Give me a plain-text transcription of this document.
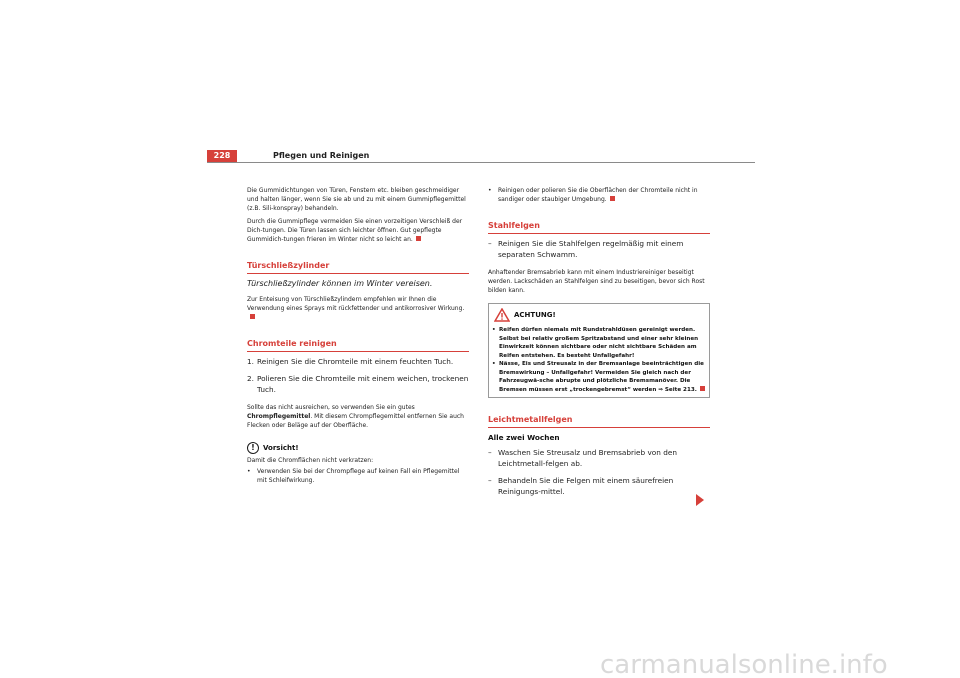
228	Pflegen und Reinigen

Die Gummidichtungen von Türen, Fenstern etc. bleiben geschmeidiger und halten länger, wenn Sie sie ab und zu mit einem Gummipflegemittel (z.B. Sili-konspray) behandeln.

Durch die Gummipflege vermeiden Sie einen vorzeitigen Verschleiß der Dich-tungen. Die Türen lassen sich leichter öffnen. Gut gepflegte Gummidich-tungen frieren im Winter nicht so leicht an.

Türschließzylinder
Türschließzylinder können im Winter vereisen.

Zur Enteisung von Türschließzylindern empfehlen wir Ihnen die Verwendung eines Sprays mit rückfettender und antikorrosiver Wirkung.

Chromteile reinigen
1. Reinigen Sie die Chromteile mit einem feuchten Tuch.
2. Polieren Sie die Chromteile mit einem weichen, trockenen Tuch.

Sollte das nicht ausreichen, so verwenden Sie ein gutes Chrompflegemittel. Mit diesem Chrompflegemittel entfernen Sie auch Flecken oder Beläge auf der Oberfläche.

!	Vorsicht!

Damit die Chromflächen nicht verkratzen:

•	Verwenden Sie bei der Chrompflege auf keinen Fall ein Pflegemittel mit Schleifwirkung.
•	Reinigen oder polieren Sie die Oberflächen der Chromteile nicht in sandiger oder staubiger Umgebung.
Stahlfelgen
– Reinigen Sie die Stahlfelgen regelmäßig mit einem separaten Schwamm.

Anhaftender Bremsabrieb kann mit einem Industriereiniger beseitigt werden. Lackschäden an Stahlfelgen sind zu beseitigen, bevor sich Rost bilden kann.

ACHTUNG!
• Reifen dürfen niemals mit Rundstrahldüsen gereinigt werden. Selbst bei relativ großem Spritzabstand und einer sehr kleinen Einwirkzeit können sichtbare oder nicht sichtbare Schäden am Reifen entstehen. Es besteht Unfallgefahr!
• Nässe, Eis und Streusalz in der Bremsanlage beeinträchtigen die Bremswirkung – Unfallgefahr! Vermeiden Sie gleich nach der Fahrzeugwä-sche abrupte und plötzliche Bremsmanöver. Die Bremsen müssen erst „trockengebremst“ werden ⇒ Seite 213.
Leichtmetallfelgen
Alle zwei Wochen
– Waschen Sie Streusalz und Bremsabrieb von den Leichtmetall-felgen ab.
– Behandeln Sie die Felgen mit einem säurefreien Reinigungs-mittel.
carmanualsonline.info
